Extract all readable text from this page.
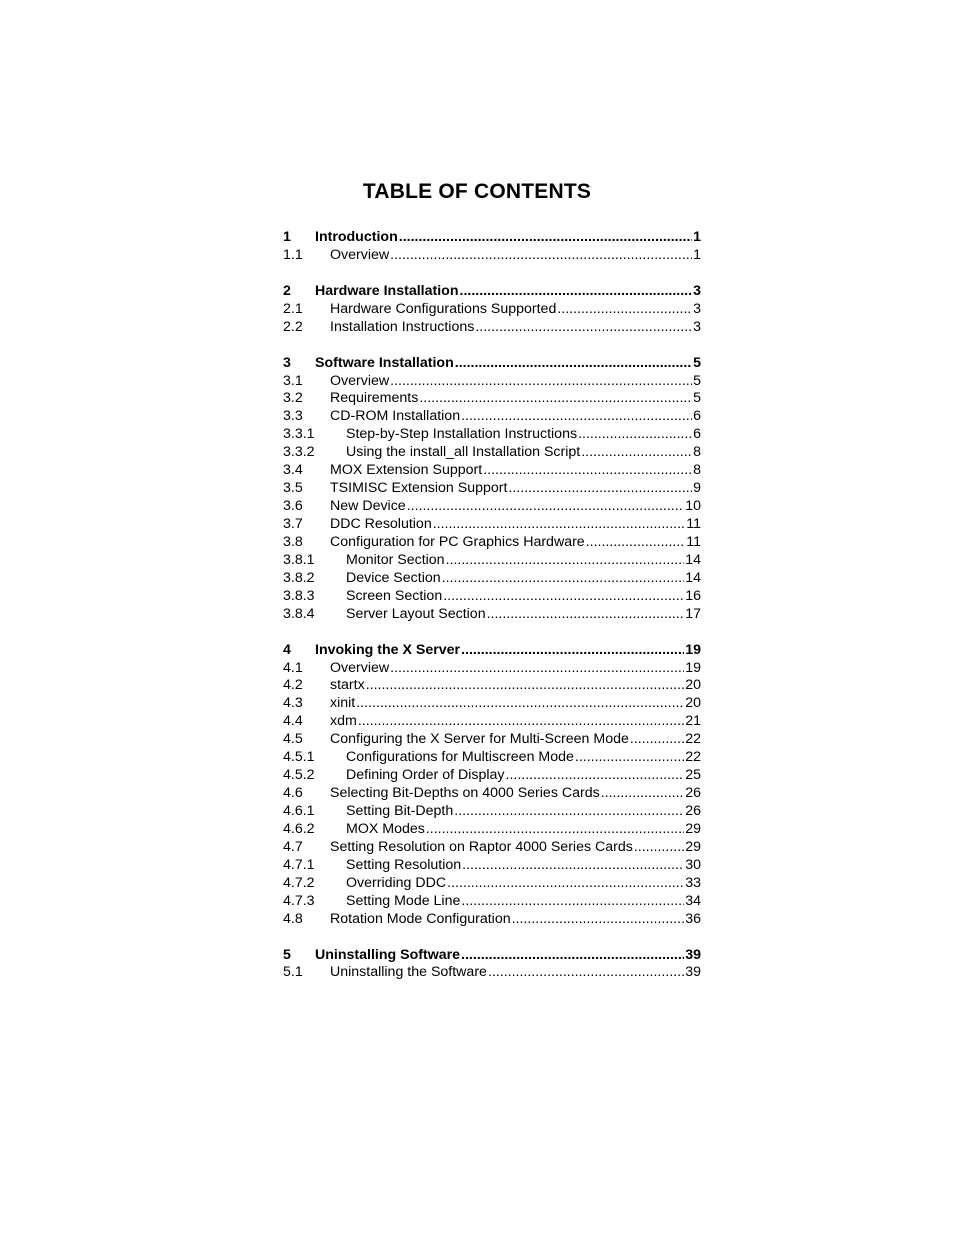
TABLE OF CONTENTS
1 Introduction .....	1
1.1 Overview .....	1
2 Hardware Installation .....	3
2.1 Hardware Configurations Supported .....	3
2.2 Installation Instructions .....	3
3 Software Installation .....	5
3.1 Overview .....	5
3.2 Requirements .....	5
3.3 CD-ROM Installation .....	6
3.3.1 Step-by-Step Installation Instructions .....	6
3.3.2 Using the install_all Installation Script .....	8
3.4 MOX Extension Support .....	8
3.5 TSIMISC Extension Support .....	9
3.6 New Device .....	10
3.7 DDC Resolution .....	11
3.8 Configuration for PC Graphics Hardware .....	11
3.8.1 Monitor Section .....	14
3.8.2 Device Section .....	14
3.8.3 Screen Section .....	16
3.8.4 Server Layout Section .....	17
4 Invoking the X Server .....	19
4.1 Overview .....	19
4.2 startx .....	20
4.3 xinit .....	20
4.4 xdm .....	21
4.5 Configuring the X Server for Multi-Screen Mode .....	22
4.5.1 Configurations for Multiscreen Mode .....	22
4.5.2 Defining Order of Display .....	25
4.6 Selecting Bit-Depths on 4000 Series Cards .....	26
4.6.1 Setting Bit-Depth .....	26
4.6.2 MOX Modes .....	29
4.7 Setting Resolution on Raptor 4000 Series Cards .....	29
4.7.1 Setting Resolution .....	30
4.7.2 Overriding DDC .....	33
4.7.3 Setting Mode Line .....	34
4.8 Rotation Mode Configuration .....	36
5 Uninstalling Software .....	39
5.1 Uninstalling the Software .....	39
